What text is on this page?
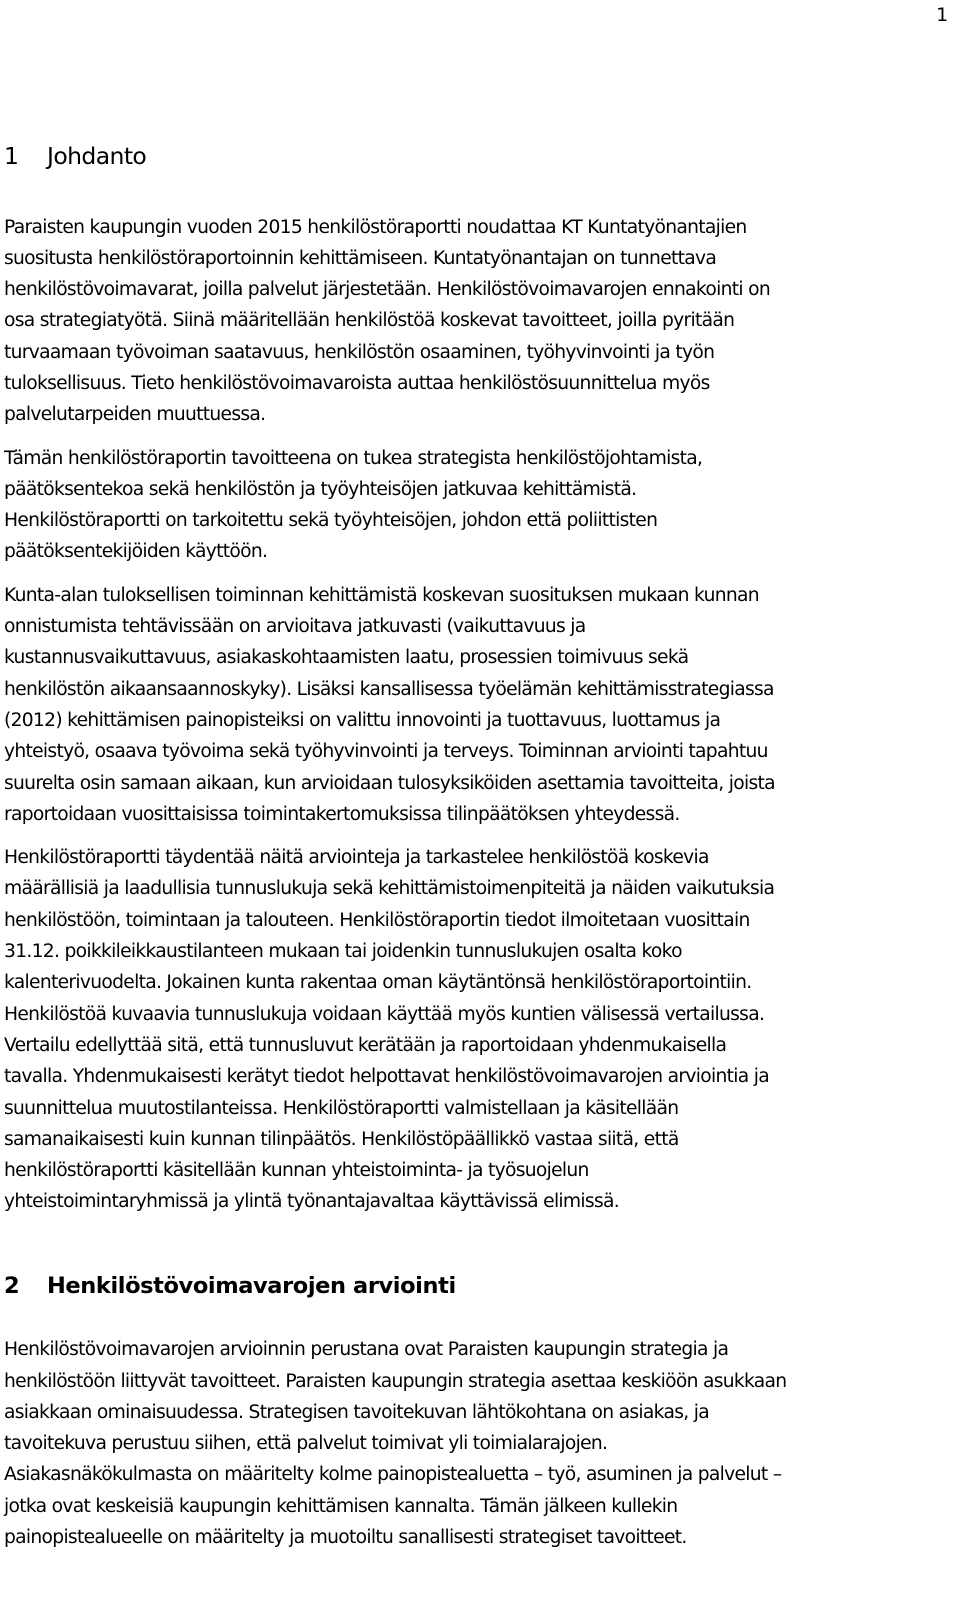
1
1 Johdanto

Paraisten kaupungin vuoden 2015 henkilöstöraportti noudattaa KT Kuntatyönantajien
suositusta henkilöstöraportoinnin kehittämiseen. Kuntatyönantajan on tunnettava
henkilöstövoimavarat, joilla palvelut järjestetään. Henkilöstövoimavarojen ennakointi on
osa strategiatyötä. Siinä määritellään henkilöstöä koskevat tavoitteet, joilla pyritään
turvaamaan työvoiman saatavuus, henkilöstön osaaminen, työhyvinvointi ja työn
tuloksellisuus. Tieto henkilöstövoimavaroista auttaa henkilöstösuunnittelua myös
palvelutarpeiden muuttuessa.

Tämän henkilöstöraportin tavoitteena on tukea strategista henkilöstöjohtamista,
päätöksentekoa sekä henkilöstön ja työyhteisöjen jatkuvaa kehittämistä.
Henkilöstöraportti on tarkoitettu sekä työyhteisöjen, johdon että poliittisten
päätöksentekijöiden käyttöön.

Kunta-alan tuloksellisen toiminnan kehittämistä koskevan suosituksen mukaan kunnan
onnistumista tehtävissään on arvioitava jatkuvasti (vaikuttavuus ja
kustannusvaikuttavuus, asiakaskohtaamisten laatu, prosessien toimivuus sekä
henkilöstön aikaansaannoskyky). Lisäksi kansallisessa työelämän kehittämisstrategiassa
(2012) kehittämisen painopisteiksi on valittu innovointi ja tuottavuus, luottamus ja
yhteistyö, osaava työvoima sekä työhyvinvointi ja terveys. Toiminnan arviointi tapahtuu
suurelta osin samaan aikaan, kun arvioidaan tulosyksiköiden asettamia tavoitteita, joista
raportoidaan vuosittaisissa toimintakertomuksissa tilinpäätöksen yhteydessä.

Henkilöstöraportti täydentää näitä arviointeja ja tarkastelee henkilöstöä koskevia
määrällisiä ja laadullisia tunnuslukuja sekä kehittämistoimenpiteitä ja näiden vaikutuksia
henkilöstöön, toimintaan ja talouteen. Henkilöstöraportin tiedot ilmoitetaan vuosittain
31.12. poikkileikkaustilanteen mukaan tai joidenkin tunnuslukujen osalta koko
kalenterivuodelta. Jokainen kunta rakentaa oman käytäntönsä henkilöstöraportointiin.
Henkilöstöä kuvaavia tunnuslukuja voidaan käyttää myös kuntien välisessä vertailussa.
Vertailu edellyttää sitä, että tunnusluvut kerätään ja raportoidaan yhdenmukaisella
tavalla. Yhdenmukaisesti kerätyt tiedot helpottavat henkilöstövoimavarojen arviointia ja
suunnittelua muutostilanteissa. Henkilöstöraportti valmistellaan ja käsitellään
samanaikaisesti kuin kunnan tilinpäätös. Henkilöstöpäällikkö vastaa siitä, että
henkilöstöraportti käsitellään kunnan yhteistoiminta- ja työsuojelun
yhteistoimintaryhmissä ja ylintä työnantajavaltaa käyttävissä elimissä.

2 Henkilöstövoimavarojen arviointi

Henkilöstövoimavarojen arvioinnin perustana ovat Paraisten kaupungin strategia ja
henkilöstöön liittyvät tavoitteet. Paraisten kaupungin strategia asettaa keskiöön asukkaan
asiakkaan ominaisuudessa. Strategisen tavoitekuvan lähtökohtana on asiakas, ja
tavoitekuva perustuu siihen, että palvelut toimivat yli toimialarajojen.
Asiakasnäkökulmasta on määritelty kolme painopistealuetta – työ, asuminen ja palvelut –
jotka ovat keskeisiä kaupungin kehittämisen kannalta. Tämän jälkeen kullekin
painopistealueelle on määritelty ja muotoiltu sanallisesti strategiset tavoitteet.
